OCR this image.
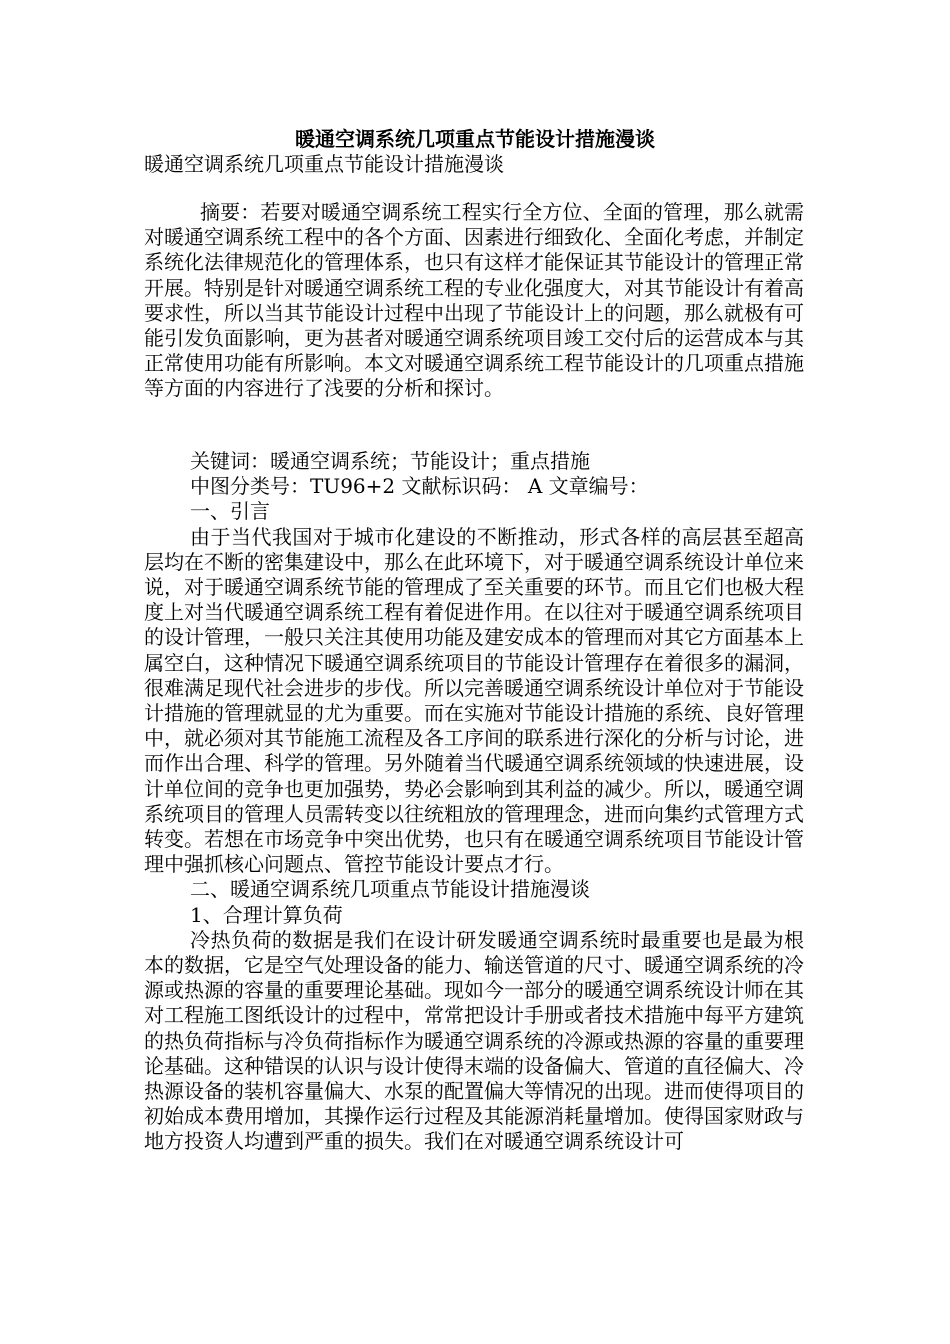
暖通空调系统几项重点节能设计措施漫谈
暖通空调系统几项重点节能设计措施漫谈
摘要：若要对暖通空调系统工程实行全方位、全面的管理，那么就需对暖通空调系统工程中的各个方面、因素进行细致化、全面化考虑，并制定系统化法律规范化的管理体系，也只有这样才能保证其节能设计的管理正常开展。特别是针对暖通空调系统工程的专业化强度大，对其节能设计有着高要求性，所以当其节能设计过程中出现了节能设计上的问题，那么就极有可能引发负面影响，更为甚者对暖通空调系统项目竣工交付后的运营成本与其正常使用功能有所影响。本文对暖通空调系统工程节能设计的几项重点措施等方面的内容进行了浅要的分析和探讨。
关键词：暖通空调系统；节能设计；重点措施
中图分类号：TU96+2 文献标识码： A 文章编号：
一、引言
由于当代我国对于城市化建设的不断推动，形式各样的高层甚至超高层均在不断的密集建设中，那么在此环境下，对于暖通空调系统设计单位来说，对于暖通空调系统节能的管理成了至关重要的环节。而且它们也极大程度上对当代暖通空调系统工程有着促进作用。在以往对于暖通空调系统项目的设计管理，一般只关注其使用功能及建安成本的管理而对其它方面基本上属空白，这种情况下暖通空调系统项目的节能设计管理存在着很多的漏洞，很难满足现代社会进步的步伐。所以完善暖通空调系统设计单位对于节能设计措施的管理就显的尤为重要。而在实施对节能设计措施的系统、良好管理中，就必须对其节能施工流程及各工序间的联系进行深化的分析与讨论，进而作出合理、科学的管理。另外随着当代暖通空调系统领域的快速进展，设计单位间的竞争也更加强势，势必会影响到其利益的减少。所以，暖通空调系统项目的管理人员需转变以往统粗放的管理理念，进而向集约式管理方式转变。若想在市场竞争中突出优势，也只有在暖通空调系统项目节能设计管理中强抓核心问题点、管控节能设计要点才行。
二、暖通空调系统几项重点节能设计措施漫谈
1、合理计算负荷
冷热负荷的数据是我们在设计研发暖通空调系统时最重要也是最为根本的数据，它是空气处理设备的能力、输送管道的尺寸、暖通空调系统的冷源或热源的容量的重要理论基础。现如今一部分的暖通空调系统设计师在其对工程施工图纸设计的过程中，常常把设计手册或者技术措施中每平方建筑的热负荷指标与冷负荷指标作为暖通空调系统的冷源或热源的容量的重要理论基础。这种错误的认识与设计使得末端的设备偏大、管道的直径偏大、冷热源设备的装机容量偏大、水泵的配置偏大等情况的出现。进而使得项目的初始成本费用增加，其操作运行过程及其能源消耗量增加。使得国家财政与地方投资人均遭到严重的损失。我们在对暖通空调系统设计可
